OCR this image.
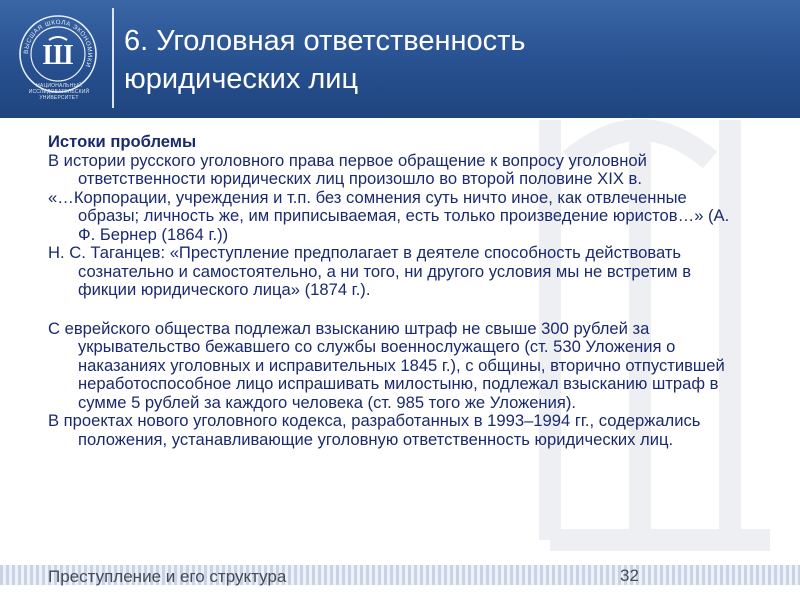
ВЫСШАЯ ШКОЛА ЭКОНОМИКИ
Ш
НАЦИОНАЛЬНЫЙ ИССЛЕДОВАТЕЛЬСКИЙ УНИВЕРСИТЕТ
6. Уголовная ответственность
юридических лиц
Истоки проблемы

В истории русского уголовного права первое обращение к вопросу уголовной ответственности юридических лиц произошло во второй половине XIX в.

«…Корпорации, учреждения и т.п. без сомнения суть ничто иное, как отвлеченные образы; личность же, им приписываемая, есть только произведение юристов…» (А. Ф. Бернер (1864 г.))

Н. С. Таганцев: «Преступление предполагает в деятеле способность действовать сознательно и самостоятельно, а ни того, ни другого условия мы не встретим в фикции юридического лица» (1874 г.).

С еврейского общества подлежал взысканию штраф не свыше 300 рублей за укрывательство бежавшего со службы военнослужащего (ст. 530 Уложения о наказаниях уголовных и исправительных 1845 г.), с общины, вторично отпустившей неработоспособное лицо испрашивать милостыню, подлежал взысканию штраф в сумме 5 рублей за каждого человека (ст. 985 того же Уложения).

В проектах нового уголовного кодекса, разработанных в 1993–1994 гг., содержались положения, устанавливающие уголовную ответственность юридических лиц.

Преступление и его структура	32
